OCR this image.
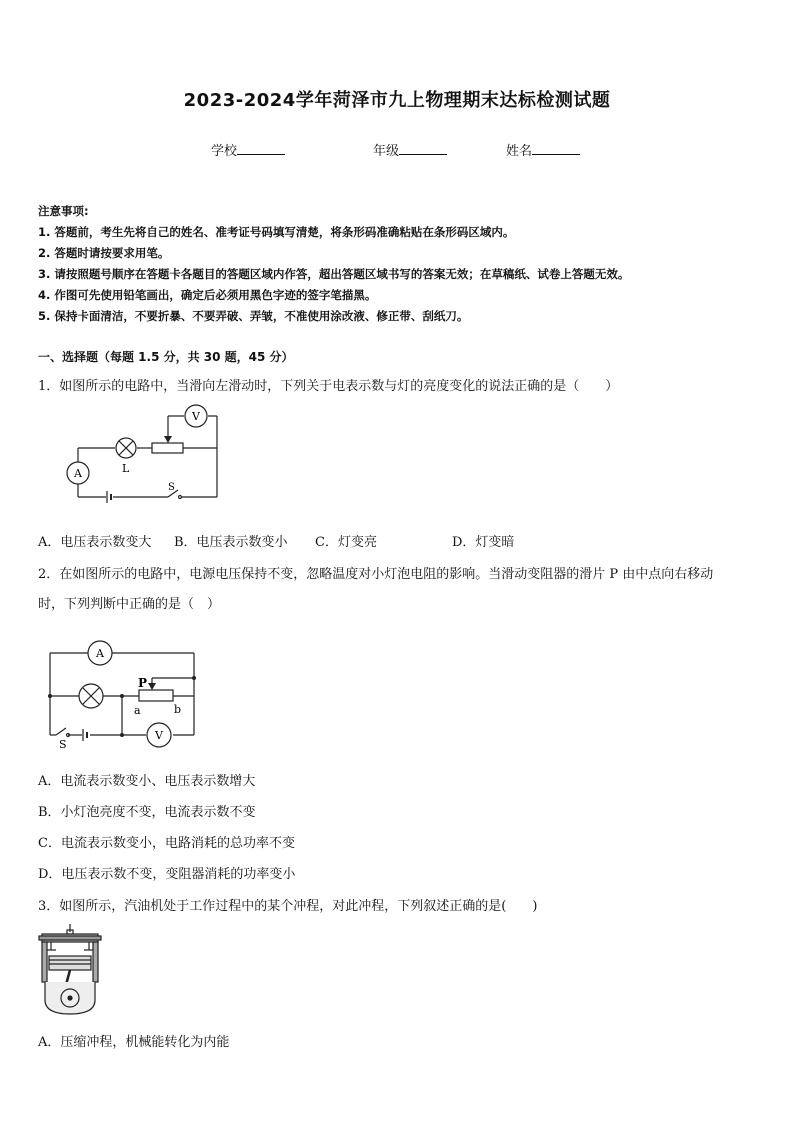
2023-2024学年菏泽市九上物理期末达标检测试题
学校	年级	姓名
注意事项:
1. 答题前，考生先将自己的姓名、准考证号码填写清楚，将条形码准确粘贴在条形码区域内。
2. 答题时请按要求用笔。
3. 请按照题号顺序在答题卡各题目的答题区域内作答，超出答题区域书写的答案无效；在草稿纸、试卷上答题无效。
4. 作图可先使用铅笔画出，确定后必须用黑色字迹的签字笔描黑。
5. 保持卡面清洁，不要折暴、不要弄破、弄皱，不准使用涂改液、修正带、刮纸刀。
一、选择题（每题 1.5 分，共 30 题，45 分）
1．如图所示的电路中，当滑向左滑动时，下列关于电表示数与灯的亮度变化的说法正确的是（　　）
V
A	L
S
A．电压表示数变大 B．电压表示数变小 C．灯变亮	D．灯变暗
2．在如图所示的电路中，电源电压保持不变，忽略温度对小灯泡电阻的影响。当滑动变阻器的滑片 P 由中点向右移动
时，下列判断中正确的是（　）
A
V
P
a	b
S
A．电流表示数变小、电压表示数增大
B．小灯泡亮度不变，电流表示数不变
C．电流表示数变小，电路消耗的总功率不变
D．电压表示数不变，变阻器消耗的功率变小
3．如图所示，汽油机处于工作过程中的某个冲程，对此冲程，下列叙述正确的是(　　)
A．压缩冲程，机械能转化为内能
